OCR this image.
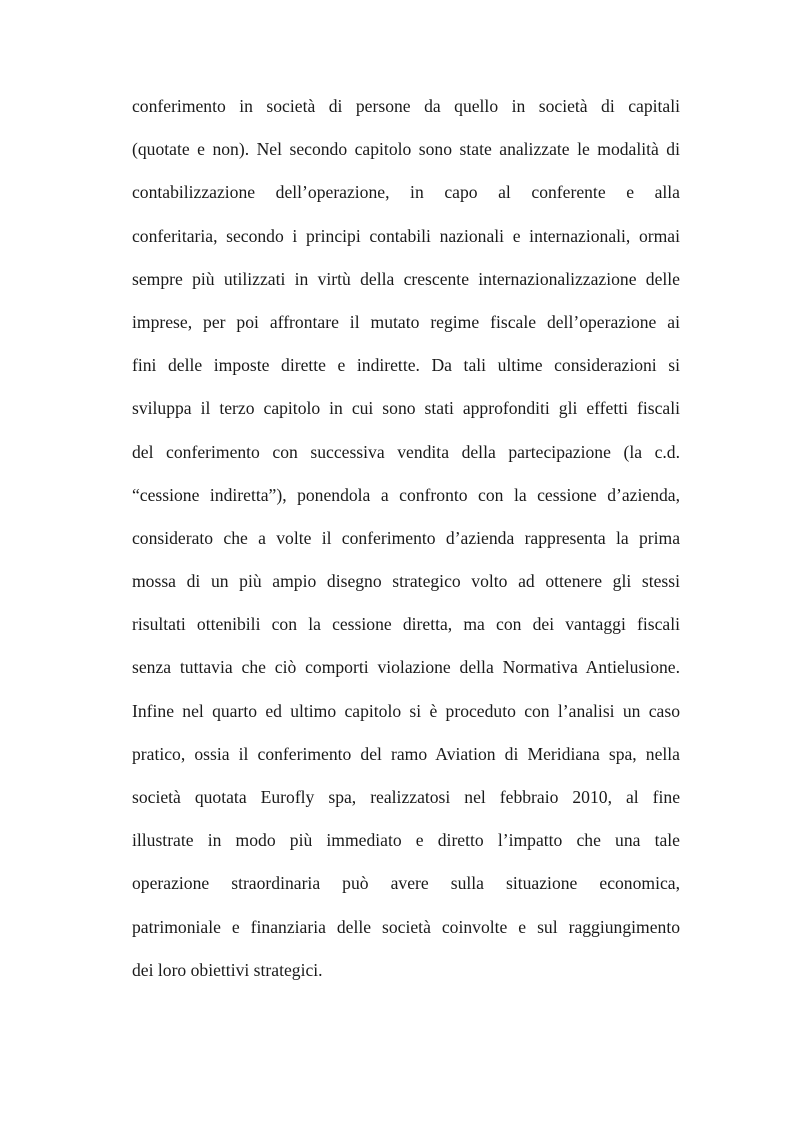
conferimento in società di persone da quello in società di capitali
(quotate e non). Nel secondo capitolo sono state analizzate le modalità di
contabilizzazione dell’operazione, in capo al conferente e alla
conferitaria, secondo i principi contabili nazionali e internazionali, ormai
sempre più utilizzati in virtù della crescente internazionalizzazione delle
imprese, per poi affrontare il mutato regime fiscale dell’operazione ai
fini delle imposte dirette e indirette. Da tali ultime considerazioni si
sviluppa il terzo capitolo in cui sono stati approfonditi gli effetti fiscali
del conferimento con successiva vendita della partecipazione (la c.d.
“cessione indiretta”), ponendola a confronto con la cessione d’azienda,
considerato che a volte il conferimento d’azienda rappresenta la prima
mossa di un più ampio disegno strategico volto ad ottenere gli stessi
risultati ottenibili con la cessione diretta, ma con dei vantaggi fiscali
senza tuttavia che ciò comporti violazione della Normativa Antielusione.
Infine nel quarto ed ultimo capitolo si è proceduto con l’analisi un caso
pratico, ossia il conferimento del ramo Aviation di Meridiana spa, nella
società quotata Eurofly spa, realizzatosi nel febbraio 2010, al fine
illustrate in modo più immediato e diretto l’impatto che una tale
operazione straordinaria può avere sulla situazione economica,
patrimoniale e finanziaria delle società coinvolte e sul raggiungimento
dei loro obiettivi strategici.
